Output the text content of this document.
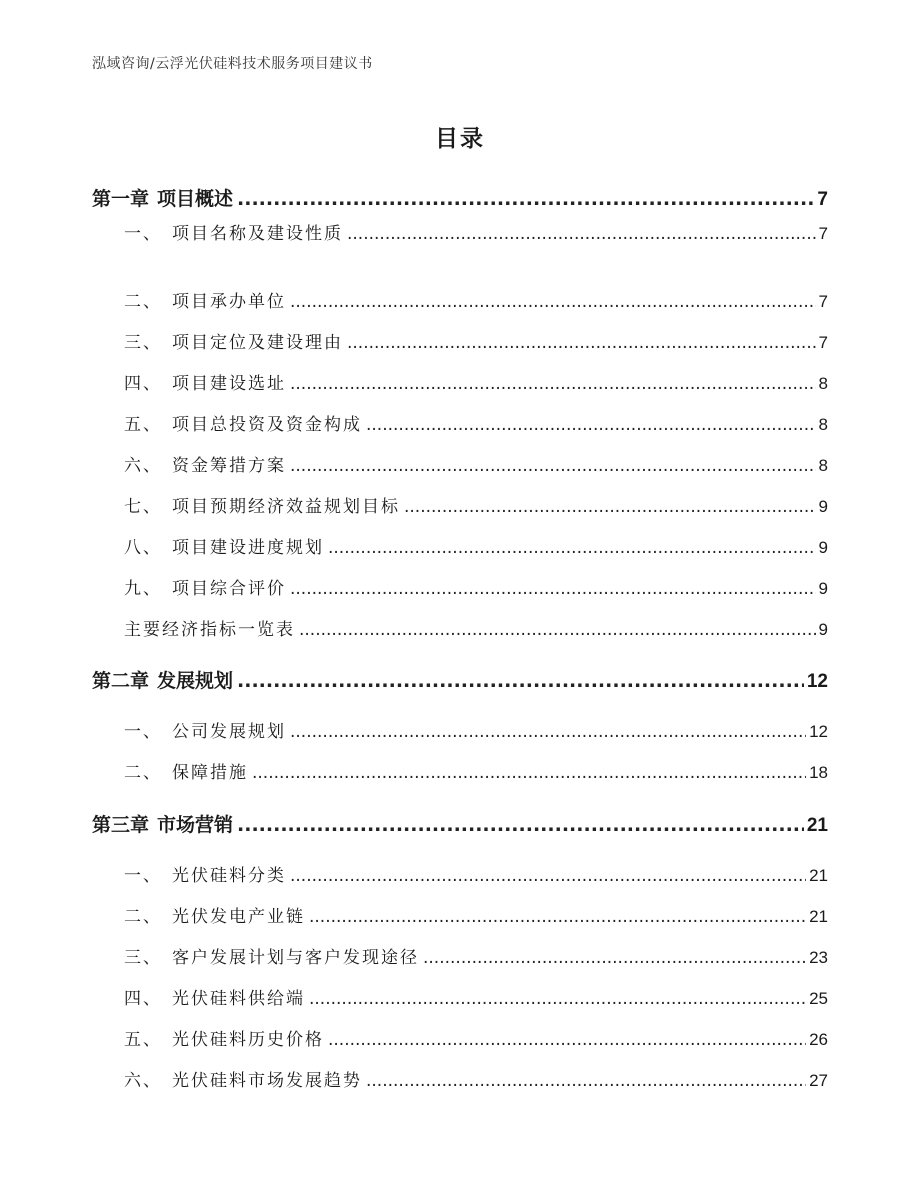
泓域咨询/云浮光伏硅料技术服务项目建议书
目录
第一章 项目概述 .....	7
一、 项目名称及建设性质 .....	7
二、 项目承办单位 .....	7
三、 项目定位及建设理由 .....	7
四、 项目建设选址 .....	8
五、 项目总投资及资金构成 .....	8
六、 资金筹措方案 .....	8
七、 项目预期经济效益规划目标 .....	9
八、 项目建设进度规划 .....	9
九、 项目综合评价 .....	9
主要经济指标一览表 .....	9
第二章 发展规划 .....	12
一、 公司发展规划 .....	12
二、 保障措施 .....	18
第三章 市场营销 .....	21
一、 光伏硅料分类 .....	21
二、 光伏发电产业链 .....	21
三、 客户发展计划与客户发现途径 .....	23
四、 光伏硅料供给端 .....	25
五、 光伏硅料历史价格 .....	26
六、 光伏硅料市场发展趋势 .....	27
